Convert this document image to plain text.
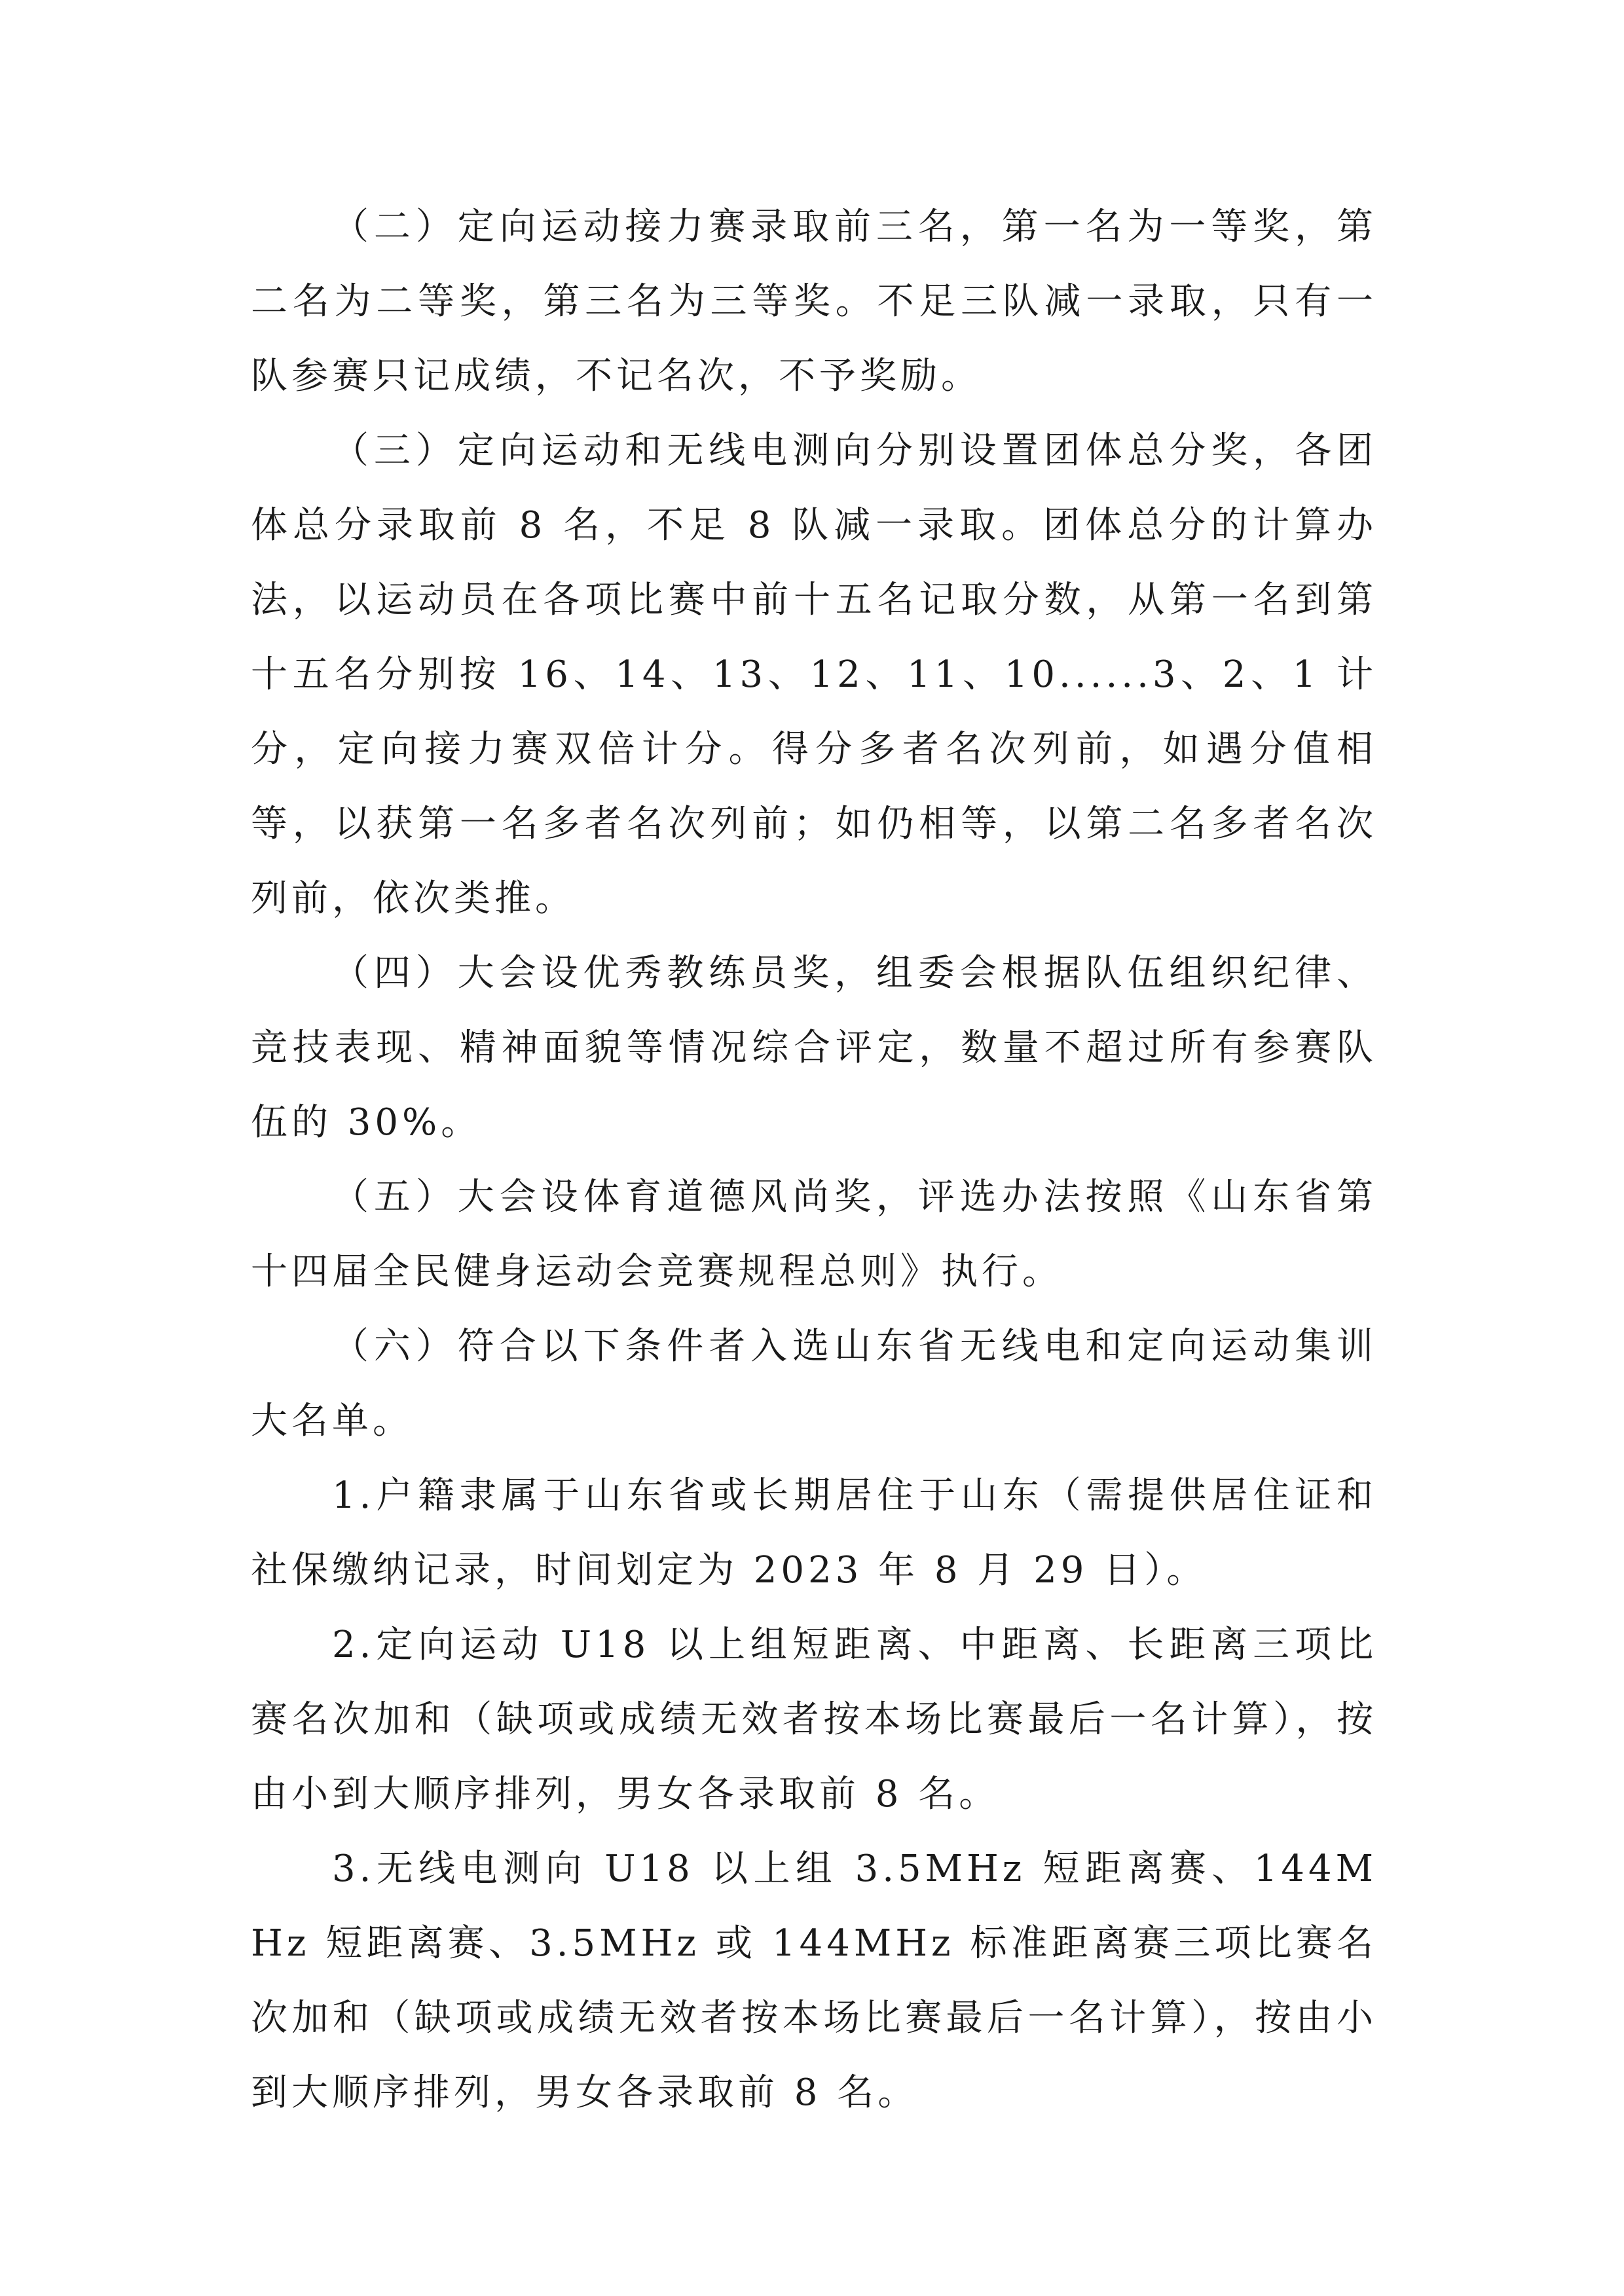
（二）定向运动接力赛录取前三名，第一名为一等奖，第二名为二等奖，第三名为三等奖。不足三队减一录取，只有一队参赛只记成绩，不记名次，不予奖励。

（三）定向运动和无线电测向分别设置团体总分奖，各团体总分录取前 8 名，不足 8 队减一录取。团体总分的计算办法，以运动员在各项比赛中前十五名记取分数，从第一名到第十五名分别按 16、14、13、12、11、10......3、2、1 计分，定向接力赛双倍计分。得分多者名次列前，如遇分值相等，以获第一名多者名次列前；如仍相等，以第二名多者名次列前，依次类推。

（四）大会设优秀教练员奖，组委会根据队伍组织纪律、竞技表现、精神面貌等情况综合评定，数量不超过所有参赛队伍的 30%。

（五）大会设体育道德风尚奖，评选办法按照《山东省第十四届全民健身运动会竞赛规程总则》执行。

（六）符合以下条件者入选山东省无线电和定向运动集训大名单。

1.户籍隶属于山东省或长期居住于山东（需提供居住证和社保缴纳记录，时间划定为 2023 年 8 月 29 日）。

2.定向运动 U18 以上组短距离、中距离、长距离三项比赛名次加和（缺项或成绩无效者按本场比赛最后一名计算），按由小到大顺序排列，男女各录取前 8 名。

3.无线电测向 U18 以上组 3.5MHz 短距离赛、144MHz 短距离赛、3.5MHz 或 144MHz 标准距离赛三项比赛名次加和（缺项或成绩无效者按本场比赛最后一名计算），按由小到大顺序排列，男女各录取前 8 名。
